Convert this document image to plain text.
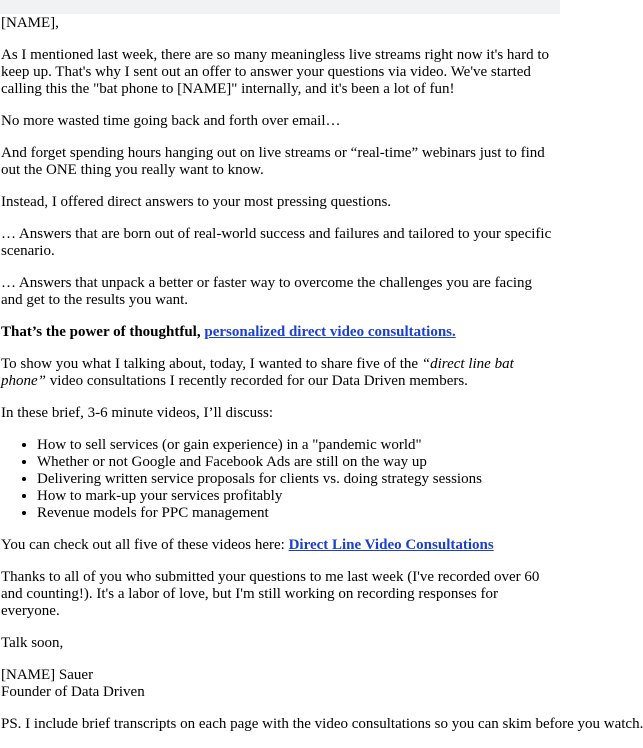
[NAME],

As I mentioned last week, there are so many meaningless live streams right now it's hard to keep up. That's why I sent out an offer to answer your questions via video. We've started calling this the "bat phone to [NAME]" internally, and it's been a lot of fun!

No more wasted time going back and forth over email…

And forget spending hours hanging out on live streams or “real-time” webinars just to find out the ONE thing you really want to know.

Instead, I offered direct answers to your most pressing questions.

… Answers that are born out of real-world success and failures and tailored to your specific scenario.

… Answers that unpack a better or faster way to overcome the challenges you are facing and get to the results you want.

That’s the power of thoughtful, personalized direct video consultations.

To show you what I talking about, today, I wanted to share five of the “direct line bat phone” video consultations I recently recorded for our Data Driven members.

In these brief, 3-6 minute videos, I’ll discuss:

• How to sell services (or gain experience) in a "pandemic world"
• Whether or not Google and Facebook Ads are still on the way up
• Delivering written service proposals for clients vs. doing strategy sessions
• How to mark-up your services profitably
• Revenue models for PPC management

You can check out all five of these videos here: Direct Line Video Consultations

Thanks to all of you who submitted your questions to me last week (I've recorded over 60 and counting!). It's a labor of love, but I'm still working on recording responses for everyone.

Talk soon,

[NAME] Sauer

Founder of Data Driven

PS. I include brief transcripts on each page with the video consultations so you can skim before you watch.
